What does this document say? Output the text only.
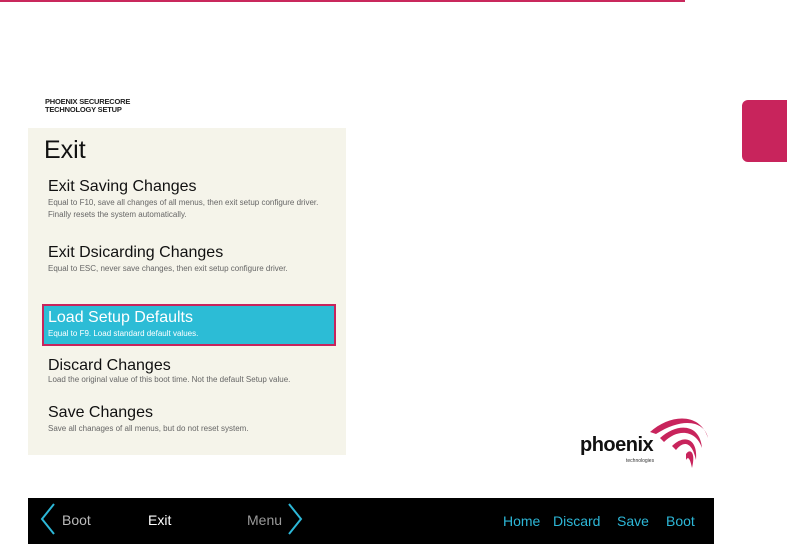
PHOENIX SECURECORE
TECHNOLOGY SETUP
Exit
Exit Saving Changes
Equal to F10, save all changes of all menus, then exit setup configure driver. Finally resets the system automatically.
Exit Dsicarding Changes
Equal to ESC, never save changes, then exit setup configure driver.
Load Setup Defaults
Equal to F9. Load standard default values.
Discard Changes
Load the original value of this boot time. Not the default Setup value.
Save Changes
Save all chanages of all menus, but do not reset system.
phoenix
technologies
Boot	Exit	Menu	Home Discard Save Boot
